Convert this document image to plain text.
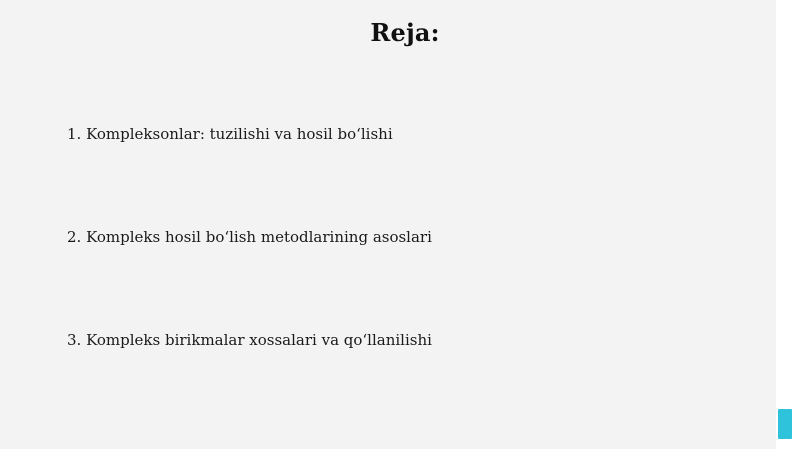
Reja:
1. Kompleksonlar: tuzilishi va hosil boʻlishi
2. Kompleks hosil boʻlish metodlarining asoslari
3. Kompleks birikmalar xossalari va qoʻllanilishi
